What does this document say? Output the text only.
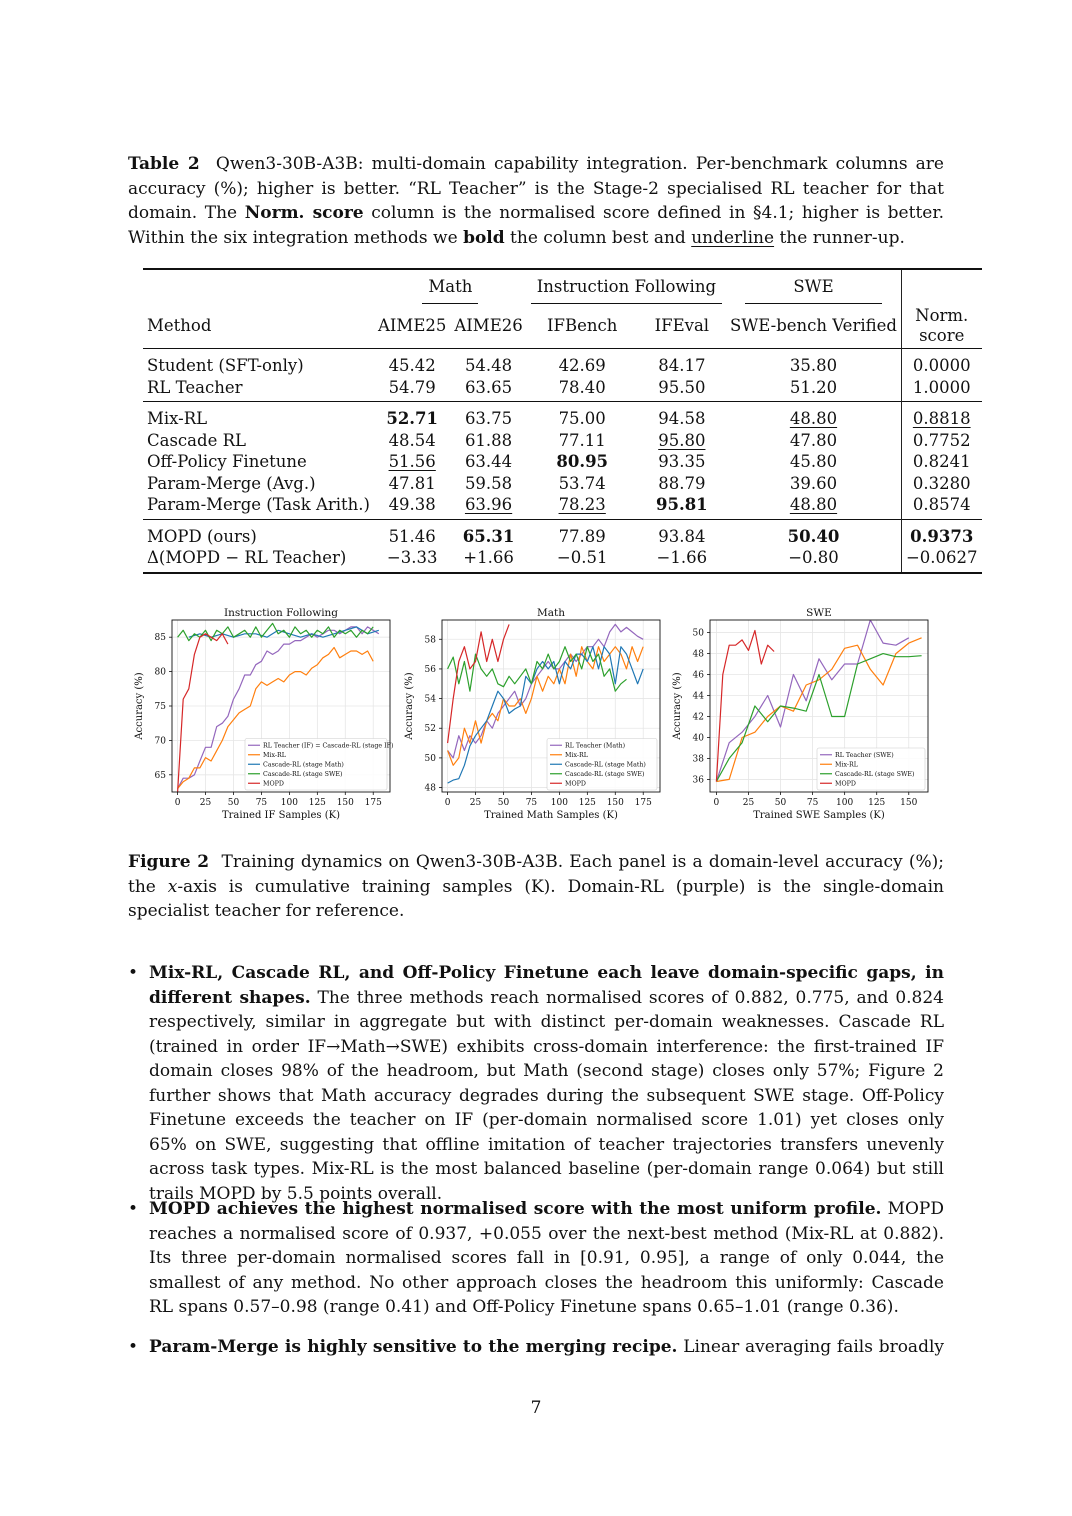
Table 2 Qwen3-30B-A3B: multi-domain capability integration. Per-benchmark columns are accuracy (%); higher is better. “RL Teacher” is the Stage-2 specialised RL teacher for that domain. The Norm. score column is the normalised score defined in §4.1; higher is better. Within the six integration methods we bold the column best and underline the runner-up.
	Math		Instruction Following		SWE	
Method	AIME25	AIME26	IFBench	IFEval	SWE-bench Verified	Norm.
score
Student (SFT-only)	45.42	54.48	42.69	84.17	35.80	0.0000
RL Teacher	54.79	63.65	78.40	95.50	51.20	1.0000
Mix-RL	52.71	63.75	75.00	94.58	48.80	0.8818
Cascade RL	48.54	61.88	77.11	95.80	47.80	0.7752
Off-Policy Finetune	51.56	63.44	80.95	93.35	45.80	0.8241
Param-Merge (Avg.)	47.81	59.58	53.74	88.79	39.60	0.3280
Param-Merge (Task Arith.)	49.38	63.96	78.23	95.81	48.80	0.8574
MOPD (ours)	51.46	65.31	77.89	93.84	50.40	0.9373
Δ(MOPD − RL Teacher)	−3.33	+1.66	−0.51	−1.66	−0.80	−0.0627
Instruction Following
0 25 50 75 100 125 150 175
65
70
75
80
85
Trained IF Samples (K)
Accuracy (%)
RL Teacher (IF) = Cascade-RL (stage IF)
Mix-RL
Cascade-RL (stage Math)
Cascade-RL (stage SWE)
MOPD
Math
0 25 50 75 100 125 150 175
48
50
52
54
56
58
Trained Math Samples (K)
Accuracy (%)
RL Teacher (Math)
Mix-RL
Cascade-RL (stage Math)
Cascade-RL (stage SWE)
MOPD
SWE
0	25 50 75 100 125 150
36
38
40
42
44
46
48
50
Trained SWE Samples (K)
Accuracy (%)
RL Teacher (SWE)
Mix-RL
Cascade-RL (stage SWE)
MOPD
Figure 2 Training dynamics on Qwen3-30B-A3B. Each panel is a domain-level accuracy (%); the x-axis is cumulative training samples (K). Domain-RL (purple) is the single-domain specialist teacher for reference.
• Mix-RL, Cascade RL, and Off-Policy Finetune each leave domain-specific gaps, in different shapes. The three methods reach normalised scores of 0.882, 0.775, and 0.824 respectively, similar in aggregate but with distinct per-domain weaknesses. Cascade RL (trained in order IF→Math→SWE) exhibits cross-domain interference: the first-trained IF domain closes 98% of the headroom, but Math (second stage) closes only 57%; Figure 2 further shows that Math accuracy degrades during the subsequent SWE stage. Off-Policy Finetune exceeds the teacher on IF (per-domain normalised score 1.01) yet closes only 65% on SWE, suggesting that offline imitation of teacher trajectories transfers unevenly across task types. Mix-RL is the most balanced baseline (per-domain range 0.064) but still trails MOPD by 5.5 points overall.
• MOPD achieves the highest normalised score with the most uniform profile. MOPD reaches a normalised score of 0.937, +0.055 over the next-best method (Mix-RL at 0.882). Its three per-domain normalised scores fall in [0.91, 0.95], a range of only 0.044, the smallest of any method. No other approach closes the headroom this uniformly: Cascade RL spans 0.57–0.98 (range 0.41) and Off-Policy Finetune spans 0.65–1.01 (range 0.36).
• Param-Merge is highly sensitive to the merging recipe. Linear averaging fails broadly
7
